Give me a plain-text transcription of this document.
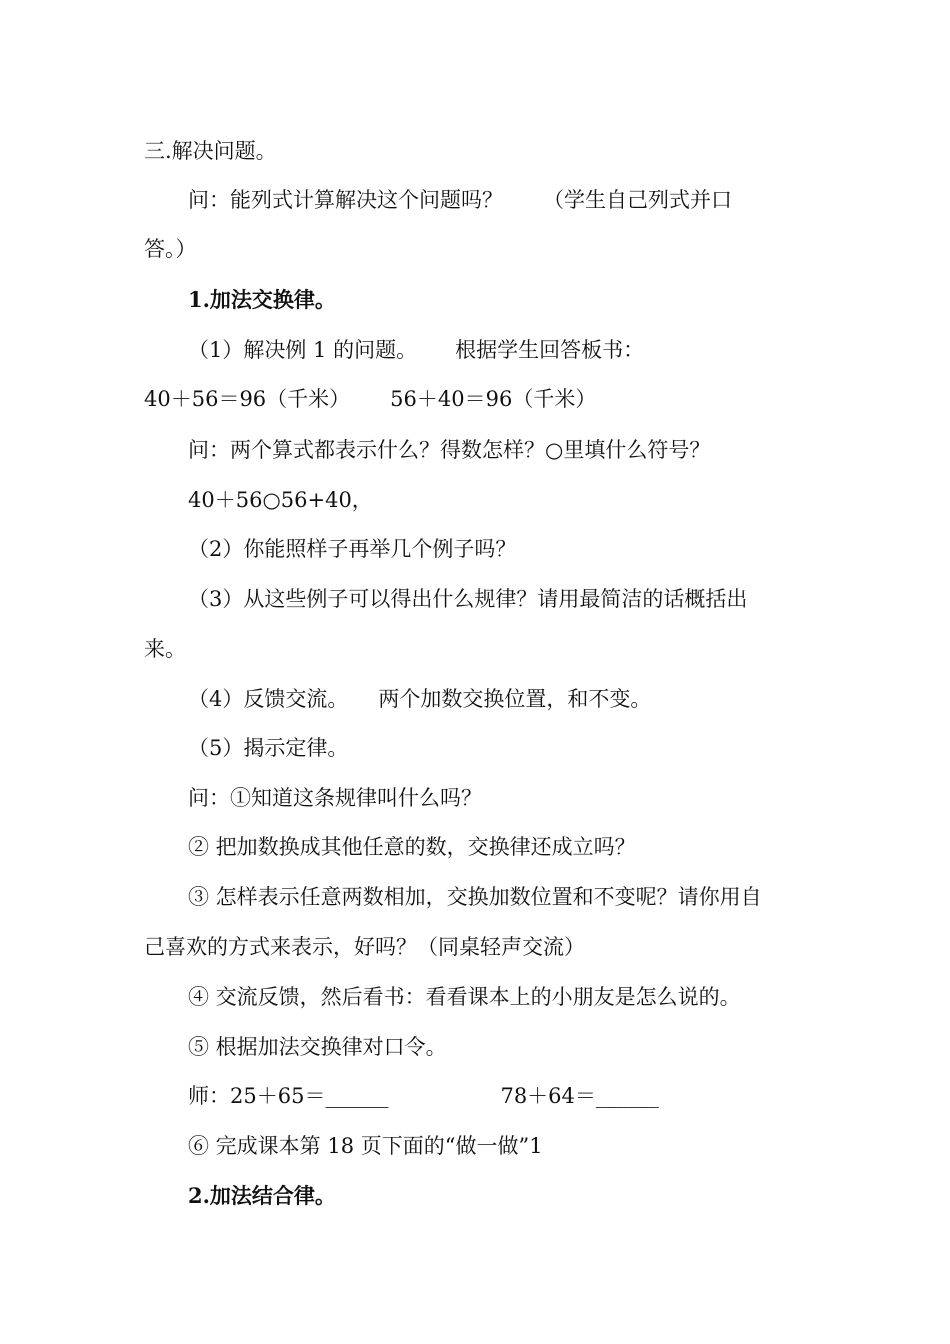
三.解决问题。
问：能列式计算解决这个问题吗？ （学生自己列式并口
答。）
1.加法交换律。
（1）解决例 1 的问题。 根据学生回答板书：
40＋56＝96（千米） 56＋40＝96（千米）
问：两个算式都表示什么？得数怎样？○里填什么符号？
40＋56○56+40，
（2）你能照样子再举几个例子吗？
（3）从这些例子可以得出什么规律？请用最简洁的话概括出
来。
（4）反馈交流。 两个加数交换位置，和不变。
（5）揭示定律。
问：①知道这条规律叫什么吗？
② 把加数换成其他任意的数，交换律还成立吗？
③ 怎样表示任意两数相加，交换加数位置和不变呢？请你用自
己喜欢的方式来表示，好吗？（同桌轻声交流）
④ 交流反馈，然后看书：看看课本上的小朋友是怎么说的。
⑤ 根据加法交换律对口令。
师：25＋65＝______	78＋64＝______
⑥ 完成课本第 18 页下面的“做一做”1
2.加法结合律。
